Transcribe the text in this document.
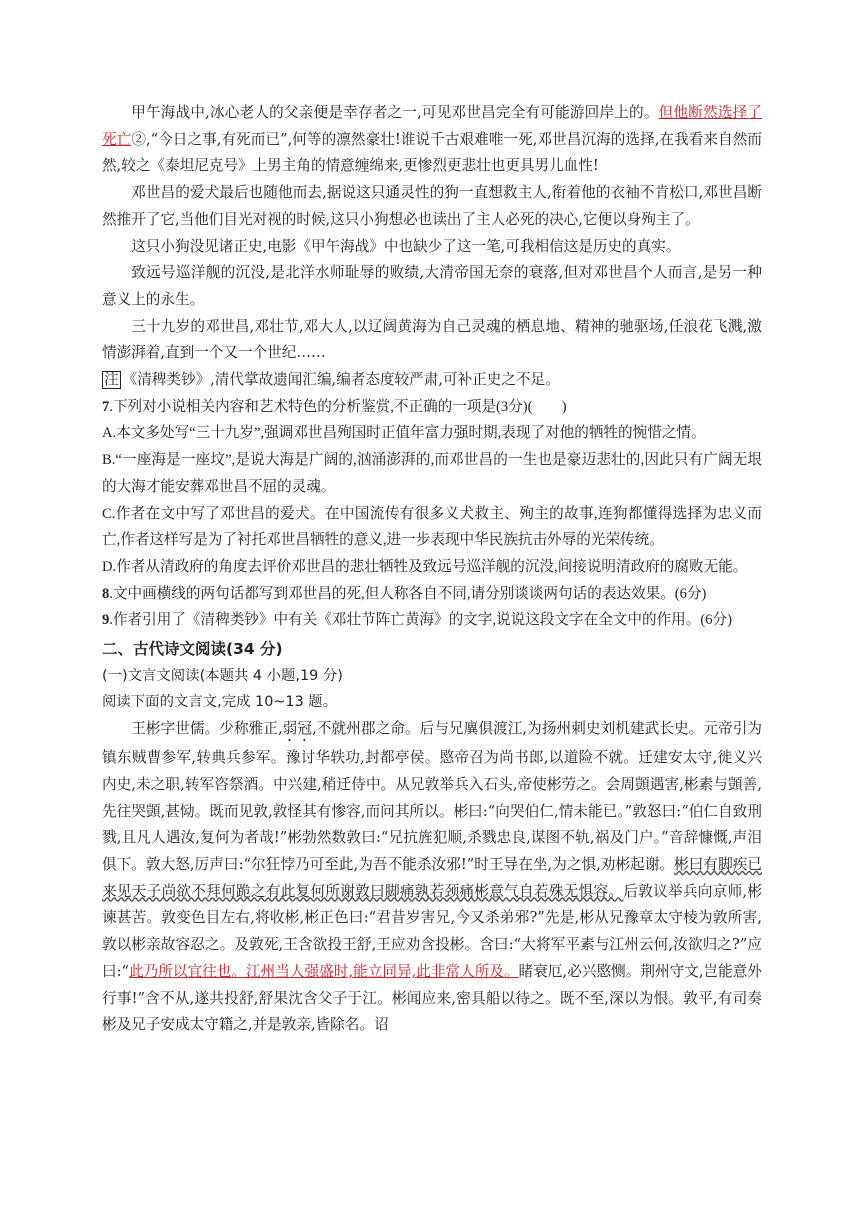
甲午海战中,冰心老人的父亲便是幸存者之一,可见邓世昌完全有可能游回岸上的。但他断然选择了死亡②,“今日之事,有死而已”,何等的凛然豪壮!谁说千古艰难唯一死,邓世昌沉海的选择,在我看来自然而然,较之《泰坦尼克号》上男主角的情意缠绵来,更惨烈更悲壮也更具男儿血性!

邓世昌的爱犬最后也随他而去,据说这只通灵性的狗一直想救主人,衔着他的衣袖不肯松口,邓世昌断然推开了它,当他们目光对视的时候,这只小狗想必也读出了主人必死的决心,它便以身殉主了。

这只小狗没见诸正史,电影《甲午海战》中也缺少了这一笔,可我相信这是历史的真实。

致远号巡洋舰的沉没,是北洋水师耻辱的败绩,大清帝国无奈的衰落,但对邓世昌个人而言,是另一种意义上的永生。

三十九岁的邓世昌,邓壮节,邓大人,以辽阔黄海为自己灵魂的栖息地、精神的驰驱场,任浪花飞溅,激情澎湃着,直到一个又一个世纪……

注 《清稗类钞》,清代掌故遗闻汇编,编者态度较严肃,可补正史之不足。

7.下列对小说相关内容和艺术特色的分析鉴赏,不正确的一项是(3分)(　　)

A.本文多处写“三十九岁”,强调邓世昌殉国时正值年富力强时期,表现了对他的牺牲的惋惜之情。

B.“一座海是一座坟”,是说大海是广阔的,汹涌澎湃的,而邓世昌的一生也是豪迈悲壮的,因此只有广阔无垠的大海才能安葬邓世昌不屈的灵魂。

C.作者在文中写了邓世昌的爱犬。在中国流传有很多义犬救主、殉主的故事,连狗都懂得选择为忠义而亡,作者这样写是为了衬托邓世昌牺牲的意义,进一步表现中华民族抗击外辱的光荣传统。

D.作者从清政府的角度去评价邓世昌的悲壮牺牲及致远号巡洋舰的沉没,间接说明清政府的腐败无能。

8.文中画横线的两句话都写到邓世昌的死,但人称各自不同,请分别谈谈两句话的表达效果。(6分)

9.作者引用了《清稗类钞》中有关《邓壮节阵亡黄海》的文字,说说这段文字在全文中的作用。(6分)

二、古代诗文阅读(34 分)

(一)文言文阅读(本题共 4 小题,19 分)

阅读下面的文言文,完成 10~13 题。

王彬字世儒。少称雅正,弱冠,不就州郡之命。后与兄廙俱渡江,为扬州刺史刘机建武长史。元帝引为镇东贼曹参军,转典兵参军。豫讨华轶功,封都亭侯。愍帝召为尚书郎,以道险不就。迁建安太守,徙义兴内史,未之职,转军咨祭酒。中兴建,稍迁侍中。从兄敦举兵入石头,帝使彬劳之。会周顗遇害,彬素与顗善,先往哭顗,甚恸。既而见敦,敦怪其有惨容,而问其所以。彬曰:“向哭伯仁,情未能已。”敦怒曰:“伯仁自致刑戮,且凡人遇汝,复何为者哉!”彬勃然数敦曰:“兄抗旌犯顺,杀戮忠良,谋图不轨,祸及门户。”音辞慷慨,声泪俱下。敦大怒,厉声曰:“尔狂悖乃可至此,为吾不能杀汝邪!”时王导在坐,为之惧,劝彬起谢。彬曰有脚疾已来见天子尚欲不拜何跪之有此复何所谢敦曰脚痛孰若颈痛彬意气自若殊无惧容。后敦议举兵向京师,彬谏甚苦。敦变色目左右,将收彬,彬正色曰:“君昔岁害兄,今又杀弟邪?”先是,彬从兄豫章太守棱为敦所害,敦以彬亲故容忍之。及敦死,王含欲投王舒,王应劝含投彬。含曰:“大将军平素与江州云何,汝欲归之?”应曰:“此乃所以宜往也。江州当人强盛时,能立同异,此非常人所及。睹衰厄,必兴愍恻。荆州守文,岂能意外行事!”含不从,遂共投舒,舒果沈含父子于江。彬闻应来,密具船以待之。既不至,深以为恨。敦平,有司奏彬及兄子安成太守籍之,并是敦亲,皆除名。诏
